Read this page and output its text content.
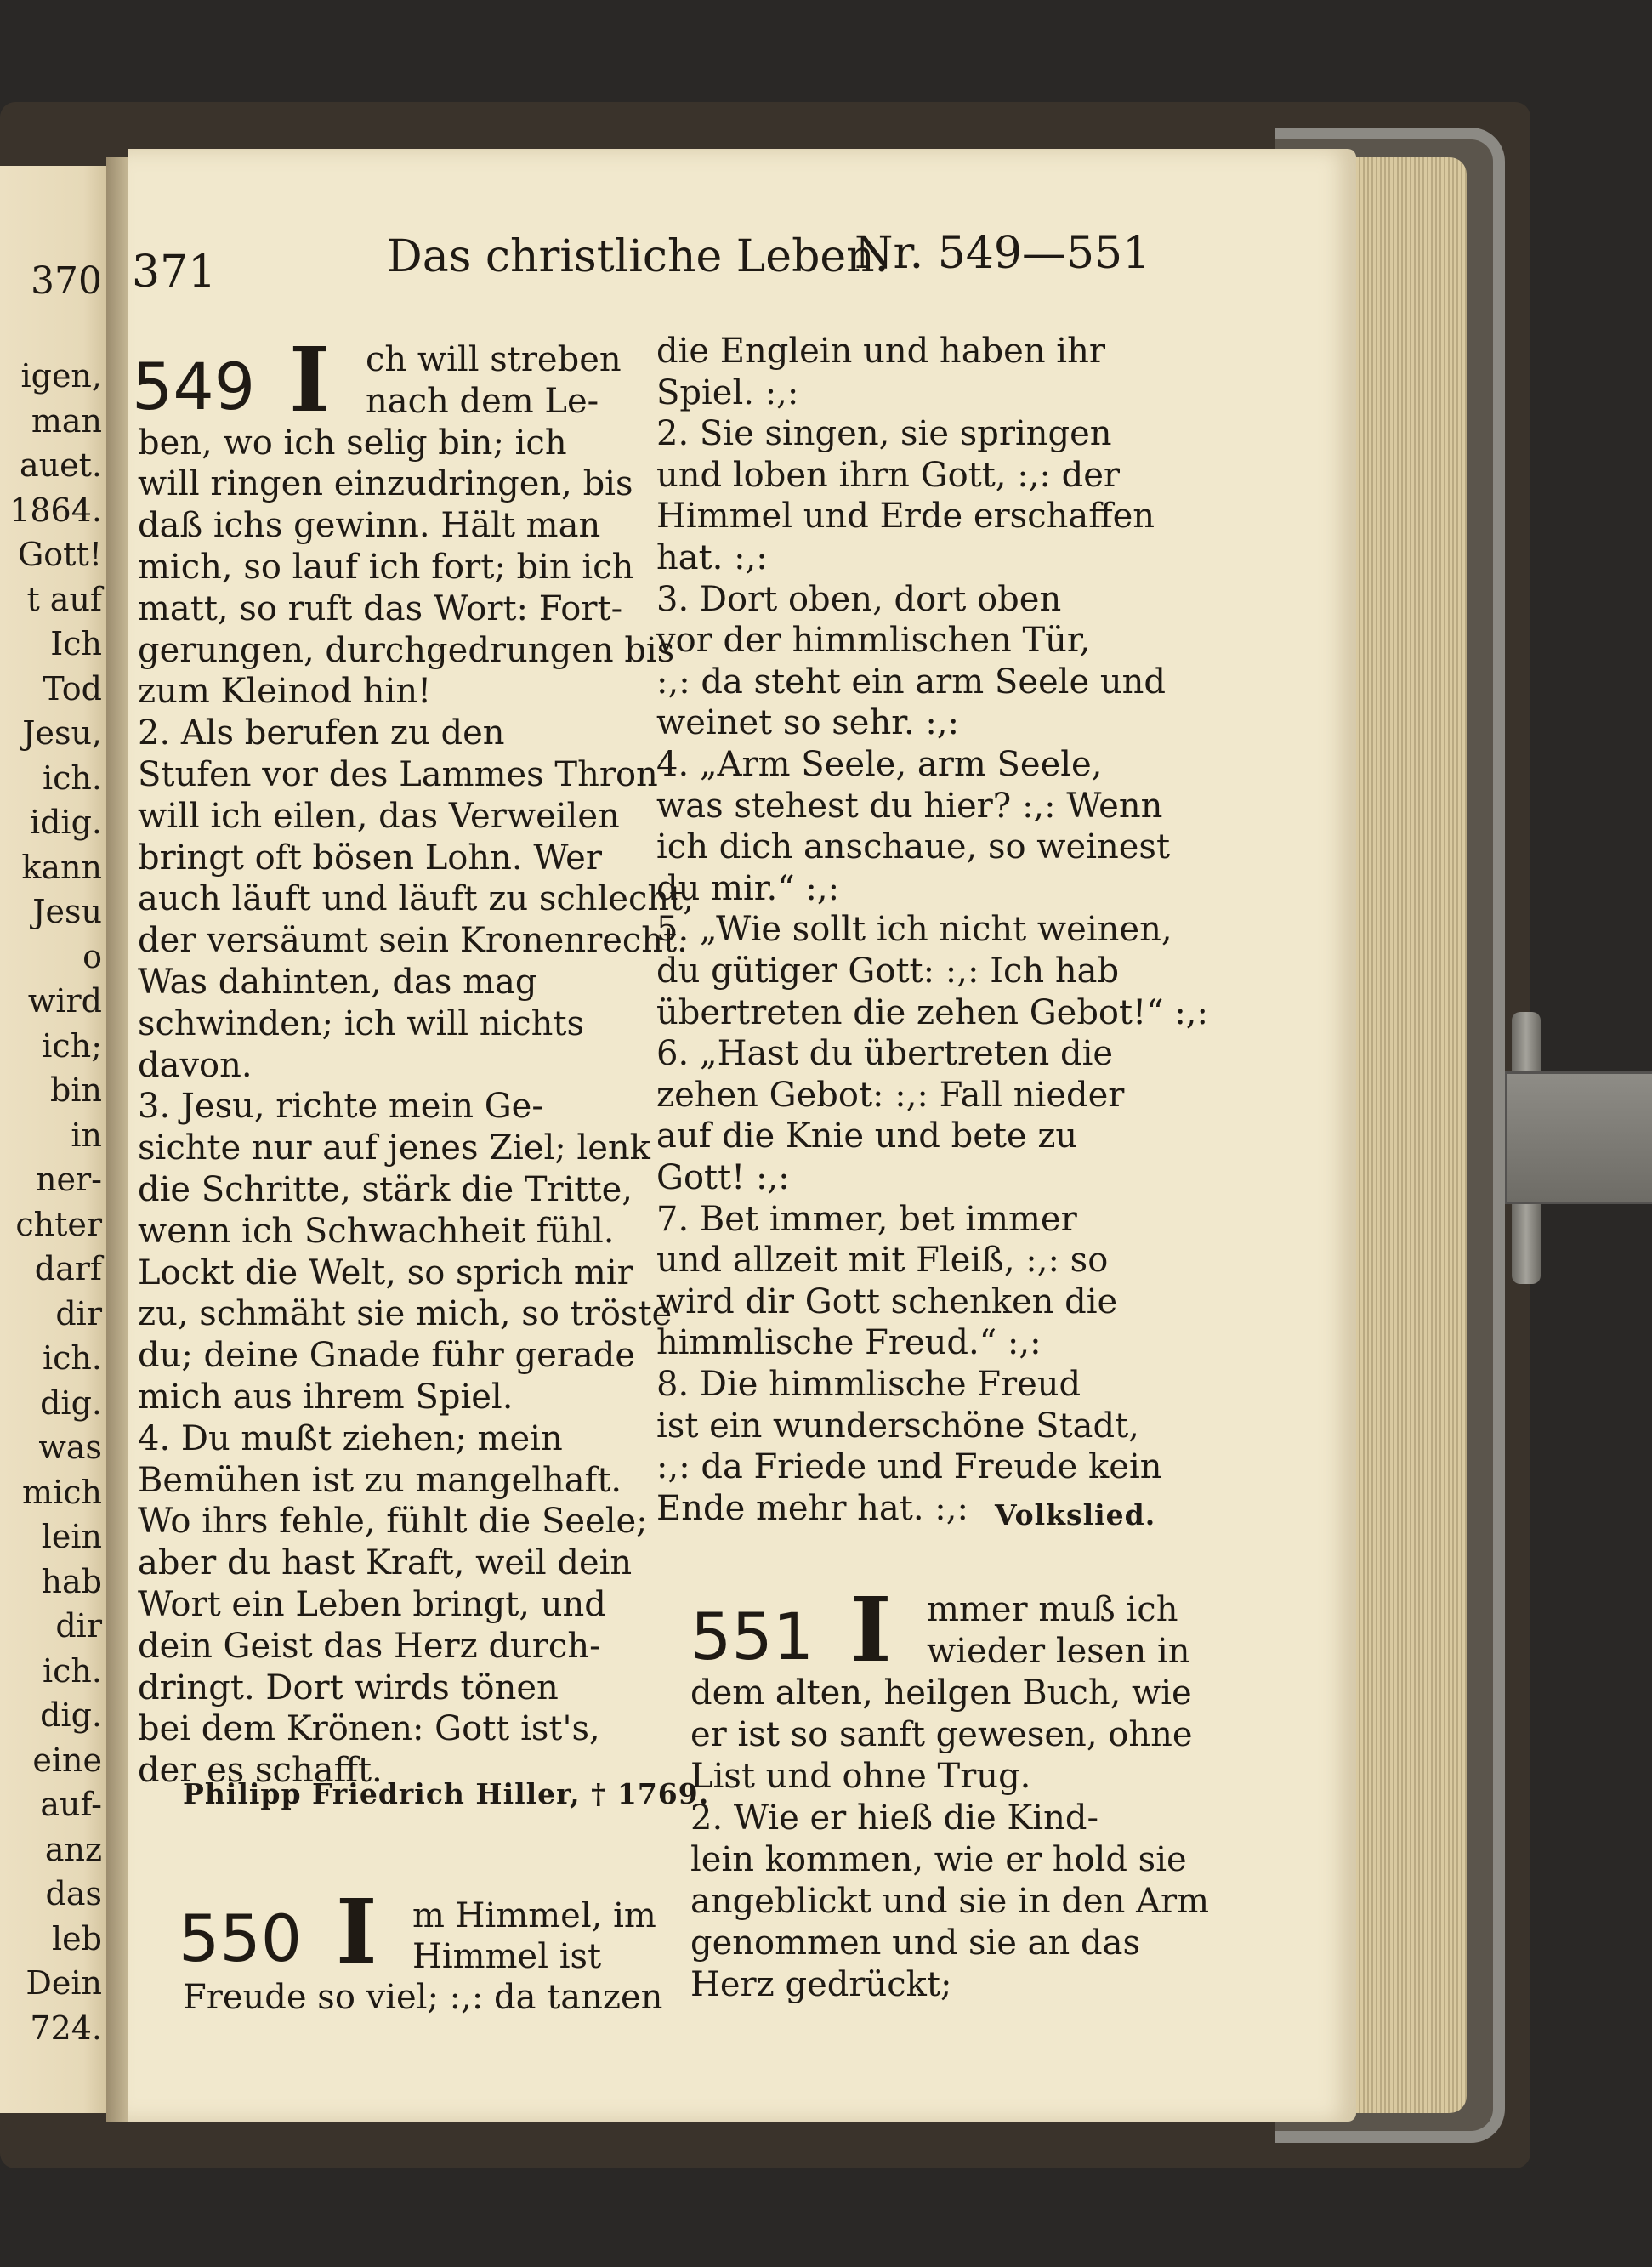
370
igen,
man
auet.
1864.
Gott!
t auf
Ich
Tod
Jesu,
ich.
idig.
kann
Jesu
o
wird
ich;
bin
in
ner-
chter
darf
dir
ich.
dig.
was
mich
lein
hab
dir
ich.
dig.
eine
auf-
anz
das
leb
Dein
724.
371	Das christliche Leben.
Nr. 549—551
549 I ch will streben
nach dem Le-
ben, wo ich selig bin; ich
will ringen einzudringen, bis
daß ichs gewinn. Hält man
mich, so lauf ich fort; bin ich
matt, so ruft das Wort: Fort-
gerungen, durchgedrungen bis
zum Kleinod hin!
2. Als berufen zu den
Stufen vor des Lammes Thron
will ich eilen, das Verweilen
bringt oft bösen Lohn. Wer
auch läuft und läuft zu schlecht,
der versäumt sein Kronenrecht.
Was dahinten, das mag
schwinden; ich will nichts
davon.
3. Jesu, richte mein Ge-
sichte nur auf jenes Ziel; lenk
die Schritte, stärk die Tritte,
wenn ich Schwachheit fühl.
Lockt die Welt, so sprich mir
zu, schmäht sie mich, so tröste
du; deine Gnade führ gerade
mich aus ihrem Spiel.
4. Du mußt ziehen; mein
Bemühen ist zu mangelhaft.
Wo ihrs fehle, fühlt die Seele;
aber du hast Kraft, weil dein
Wort ein Leben bringt, und
dein Geist das Herz durch-
dringt. Dort wirds tönen
bei dem Krönen: Gott ist's,
der es schafft.
Philipp Friedrich Hiller, † 1769.
550 I m Himmel, im
Himmel ist
Freude so viel; :,: da tanzen
die Englein und haben ihr
Spiel. :,:
2. Sie singen, sie springen
und loben ihrn Gott, :,: der
Himmel und Erde erschaffen
hat. :,:
3. Dort oben, dort oben
vor der himmlischen Tür,
:,: da steht ein arm Seele und
weinet so sehr. :,:
4. „Arm Seele, arm Seele,
was stehest du hier? :,: Wenn
ich dich anschaue, so weinest
du mir.“ :,:
5. „Wie sollt ich nicht weinen,
du gütiger Gott: :,: Ich hab
übertreten die zehen Gebot!“ :,:
6. „Hast du übertreten die
zehen Gebot: :,: Fall nieder
auf die Knie und bete zu
Gott! :,:
7. Bet immer, bet immer
und allzeit mit Fleiß, :,: so
wird dir Gott schenken die
himmlische Freud.“ :,:
8. Die himmlische Freud
ist ein wunderschöne Stadt,
:,: da Friede und Freude kein
Ende mehr hat. :,: Volkslied.
551 I mmer muß ich
wieder lesen in
dem alten, heilgen Buch, wie
er ist so sanft gewesen, ohne
List und ohne Trug.
2. Wie er hieß die Kind-
lein kommen, wie er hold sie
angeblickt und sie in den Arm
genommen und sie an das
Herz gedrückt;
